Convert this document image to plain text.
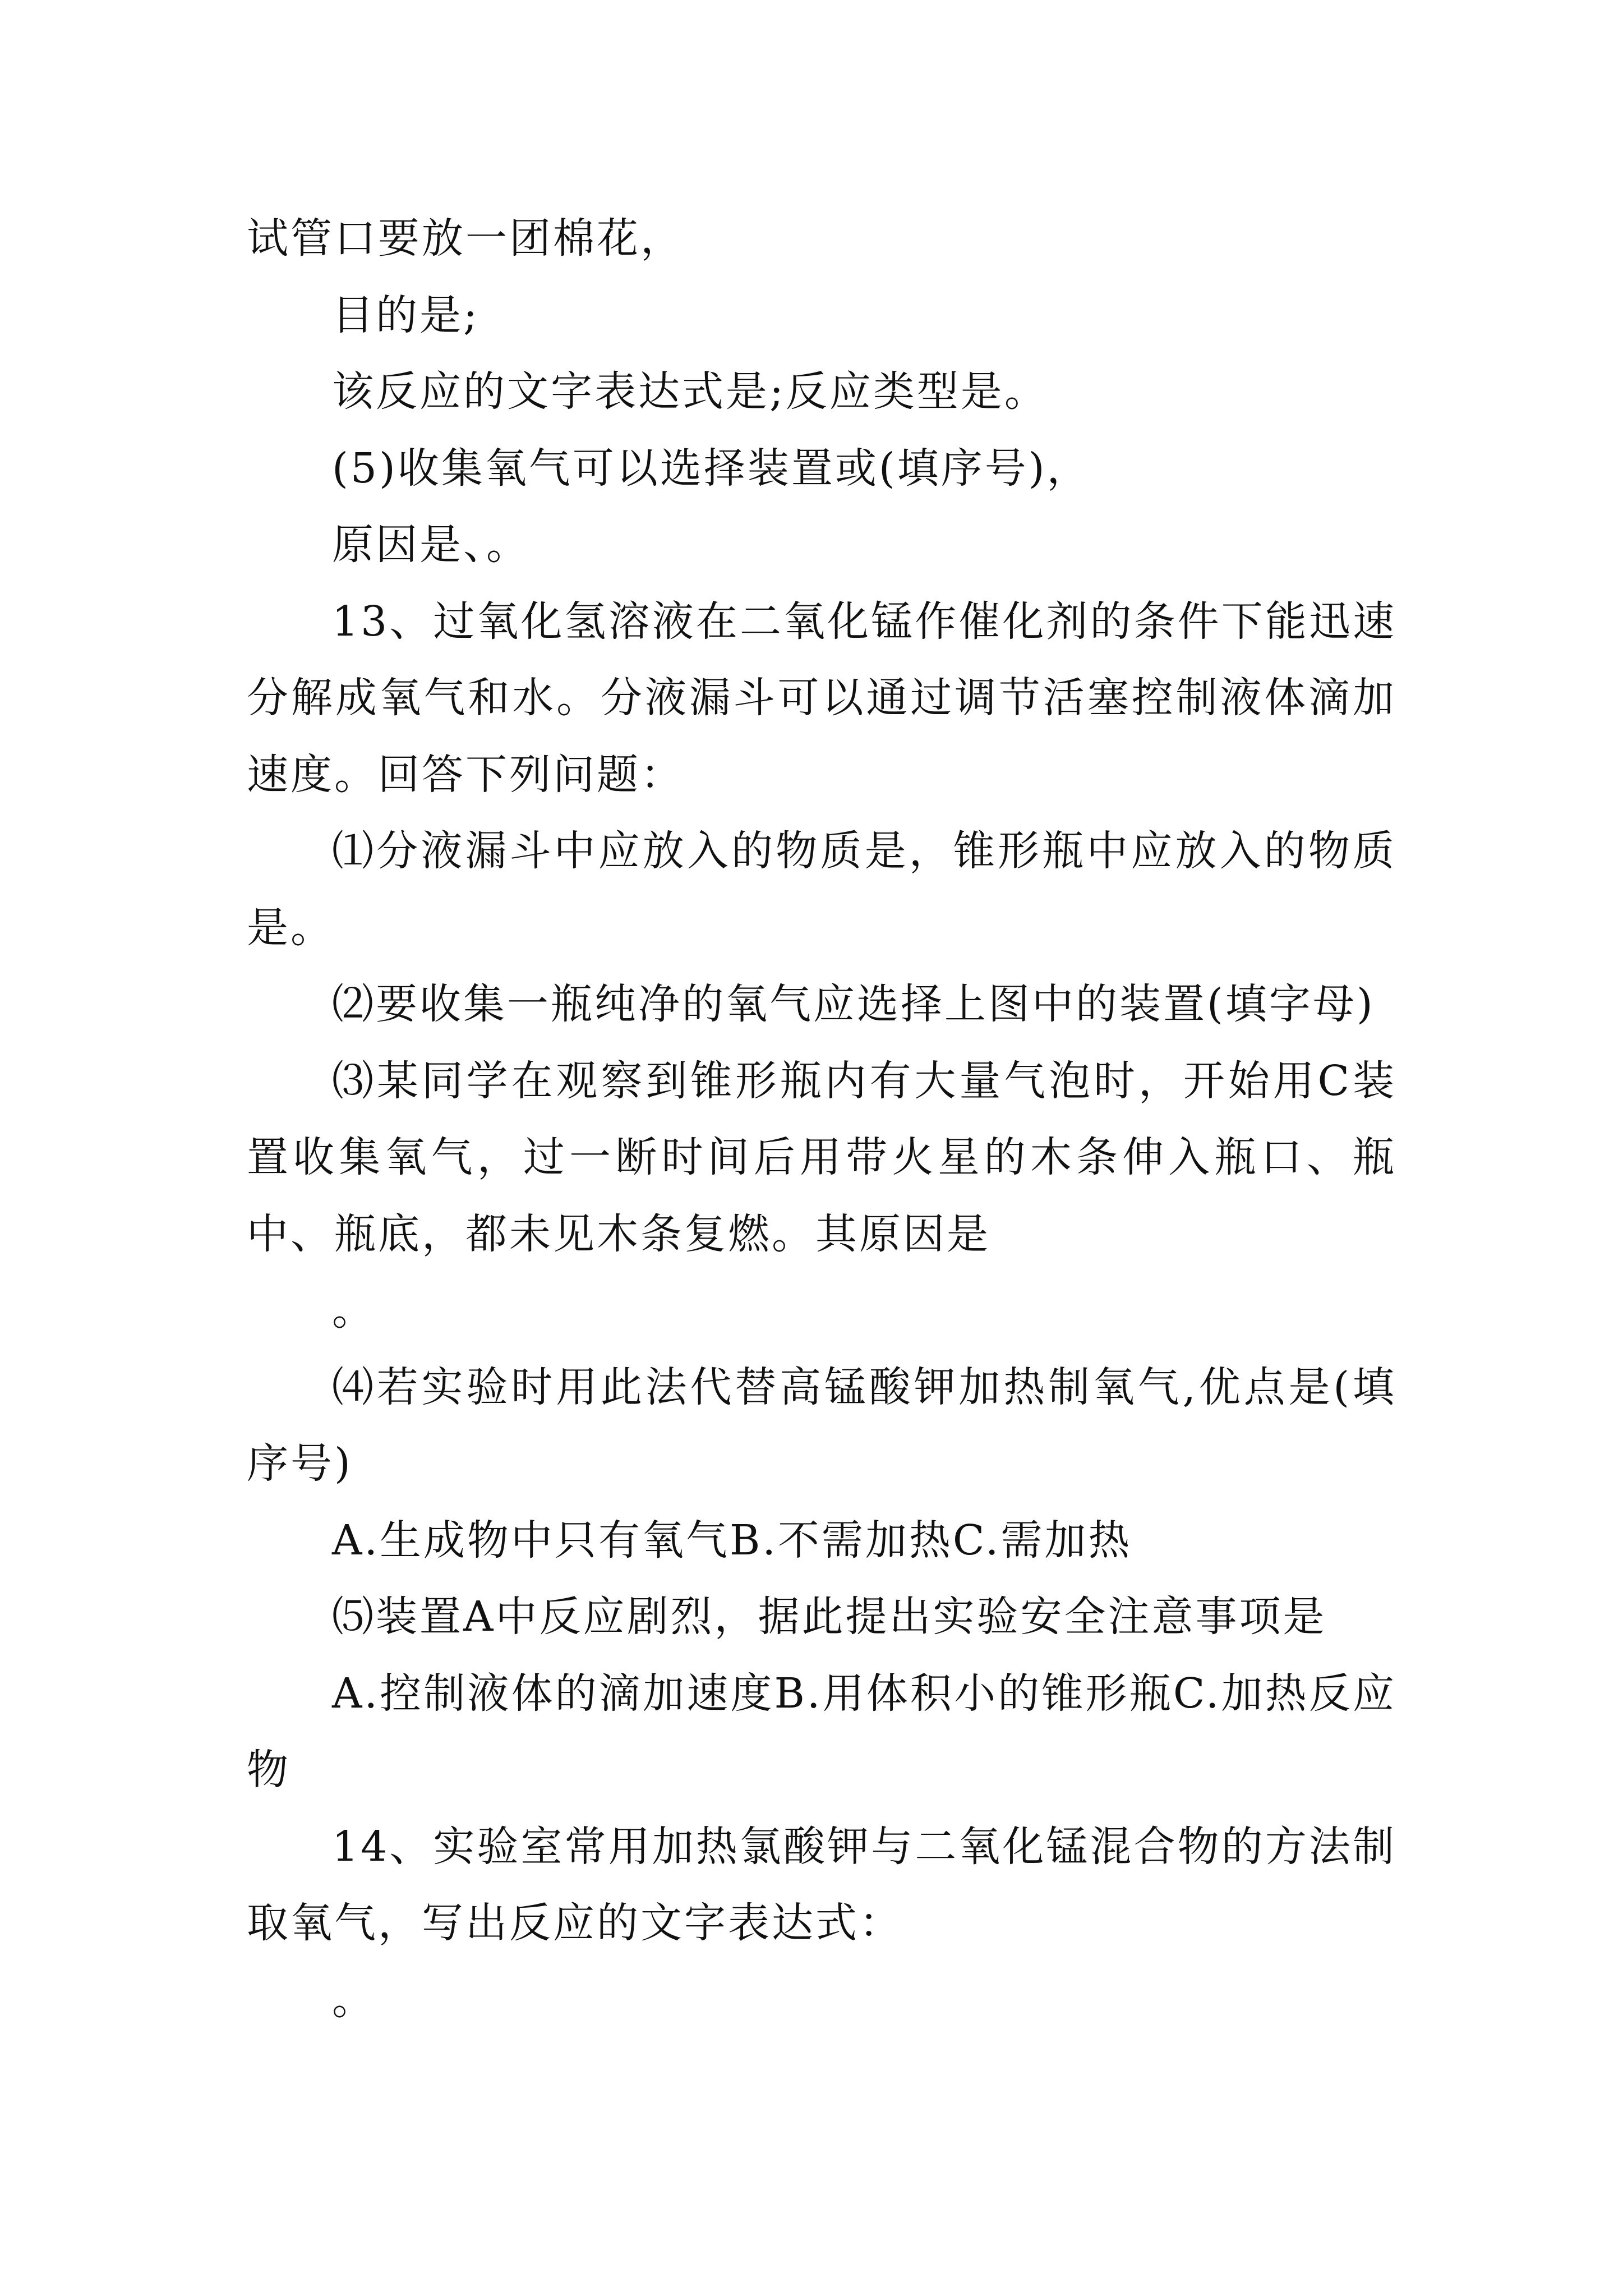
试管口要放一团棉花，

目的是;

该反应的文字表达式是;反应类型是。

(5)收集氧气可以选择装置或(填序号)，

原因是、。

13、过氧化氢溶液在二氧化锰作催化剂的条件下能迅速分解成氧气和水。分液漏斗可以通过调节活塞控制液体滴加速度。回答下列问题：

⑴分液漏斗中应放入的物质是，锥形瓶中应放入的物质是。

⑵要收集一瓶纯净的氧气应选择上图中的装置(填字母)

⑶某同学在观察到锥形瓶内有大量气泡时，开始用C装置收集氧气，过一断时间后用带火星的木条伸入瓶口、瓶中、瓶底，都未见木条复燃。其原因是

。

⑷若实验时用此法代替高锰酸钾加热制氧气,优点是(填序号)

A.生成物中只有氧气B.不需加热C.需加热

⑸装置A中反应剧烈，据此提出实验安全注意事项是

A.控制液体的滴加速度B.用体积小的锥形瓶C.加热反应物

14、实验室常用加热氯酸钾与二氧化锰混合物的方法制取氧气，写出反应的文字表达式：

。
